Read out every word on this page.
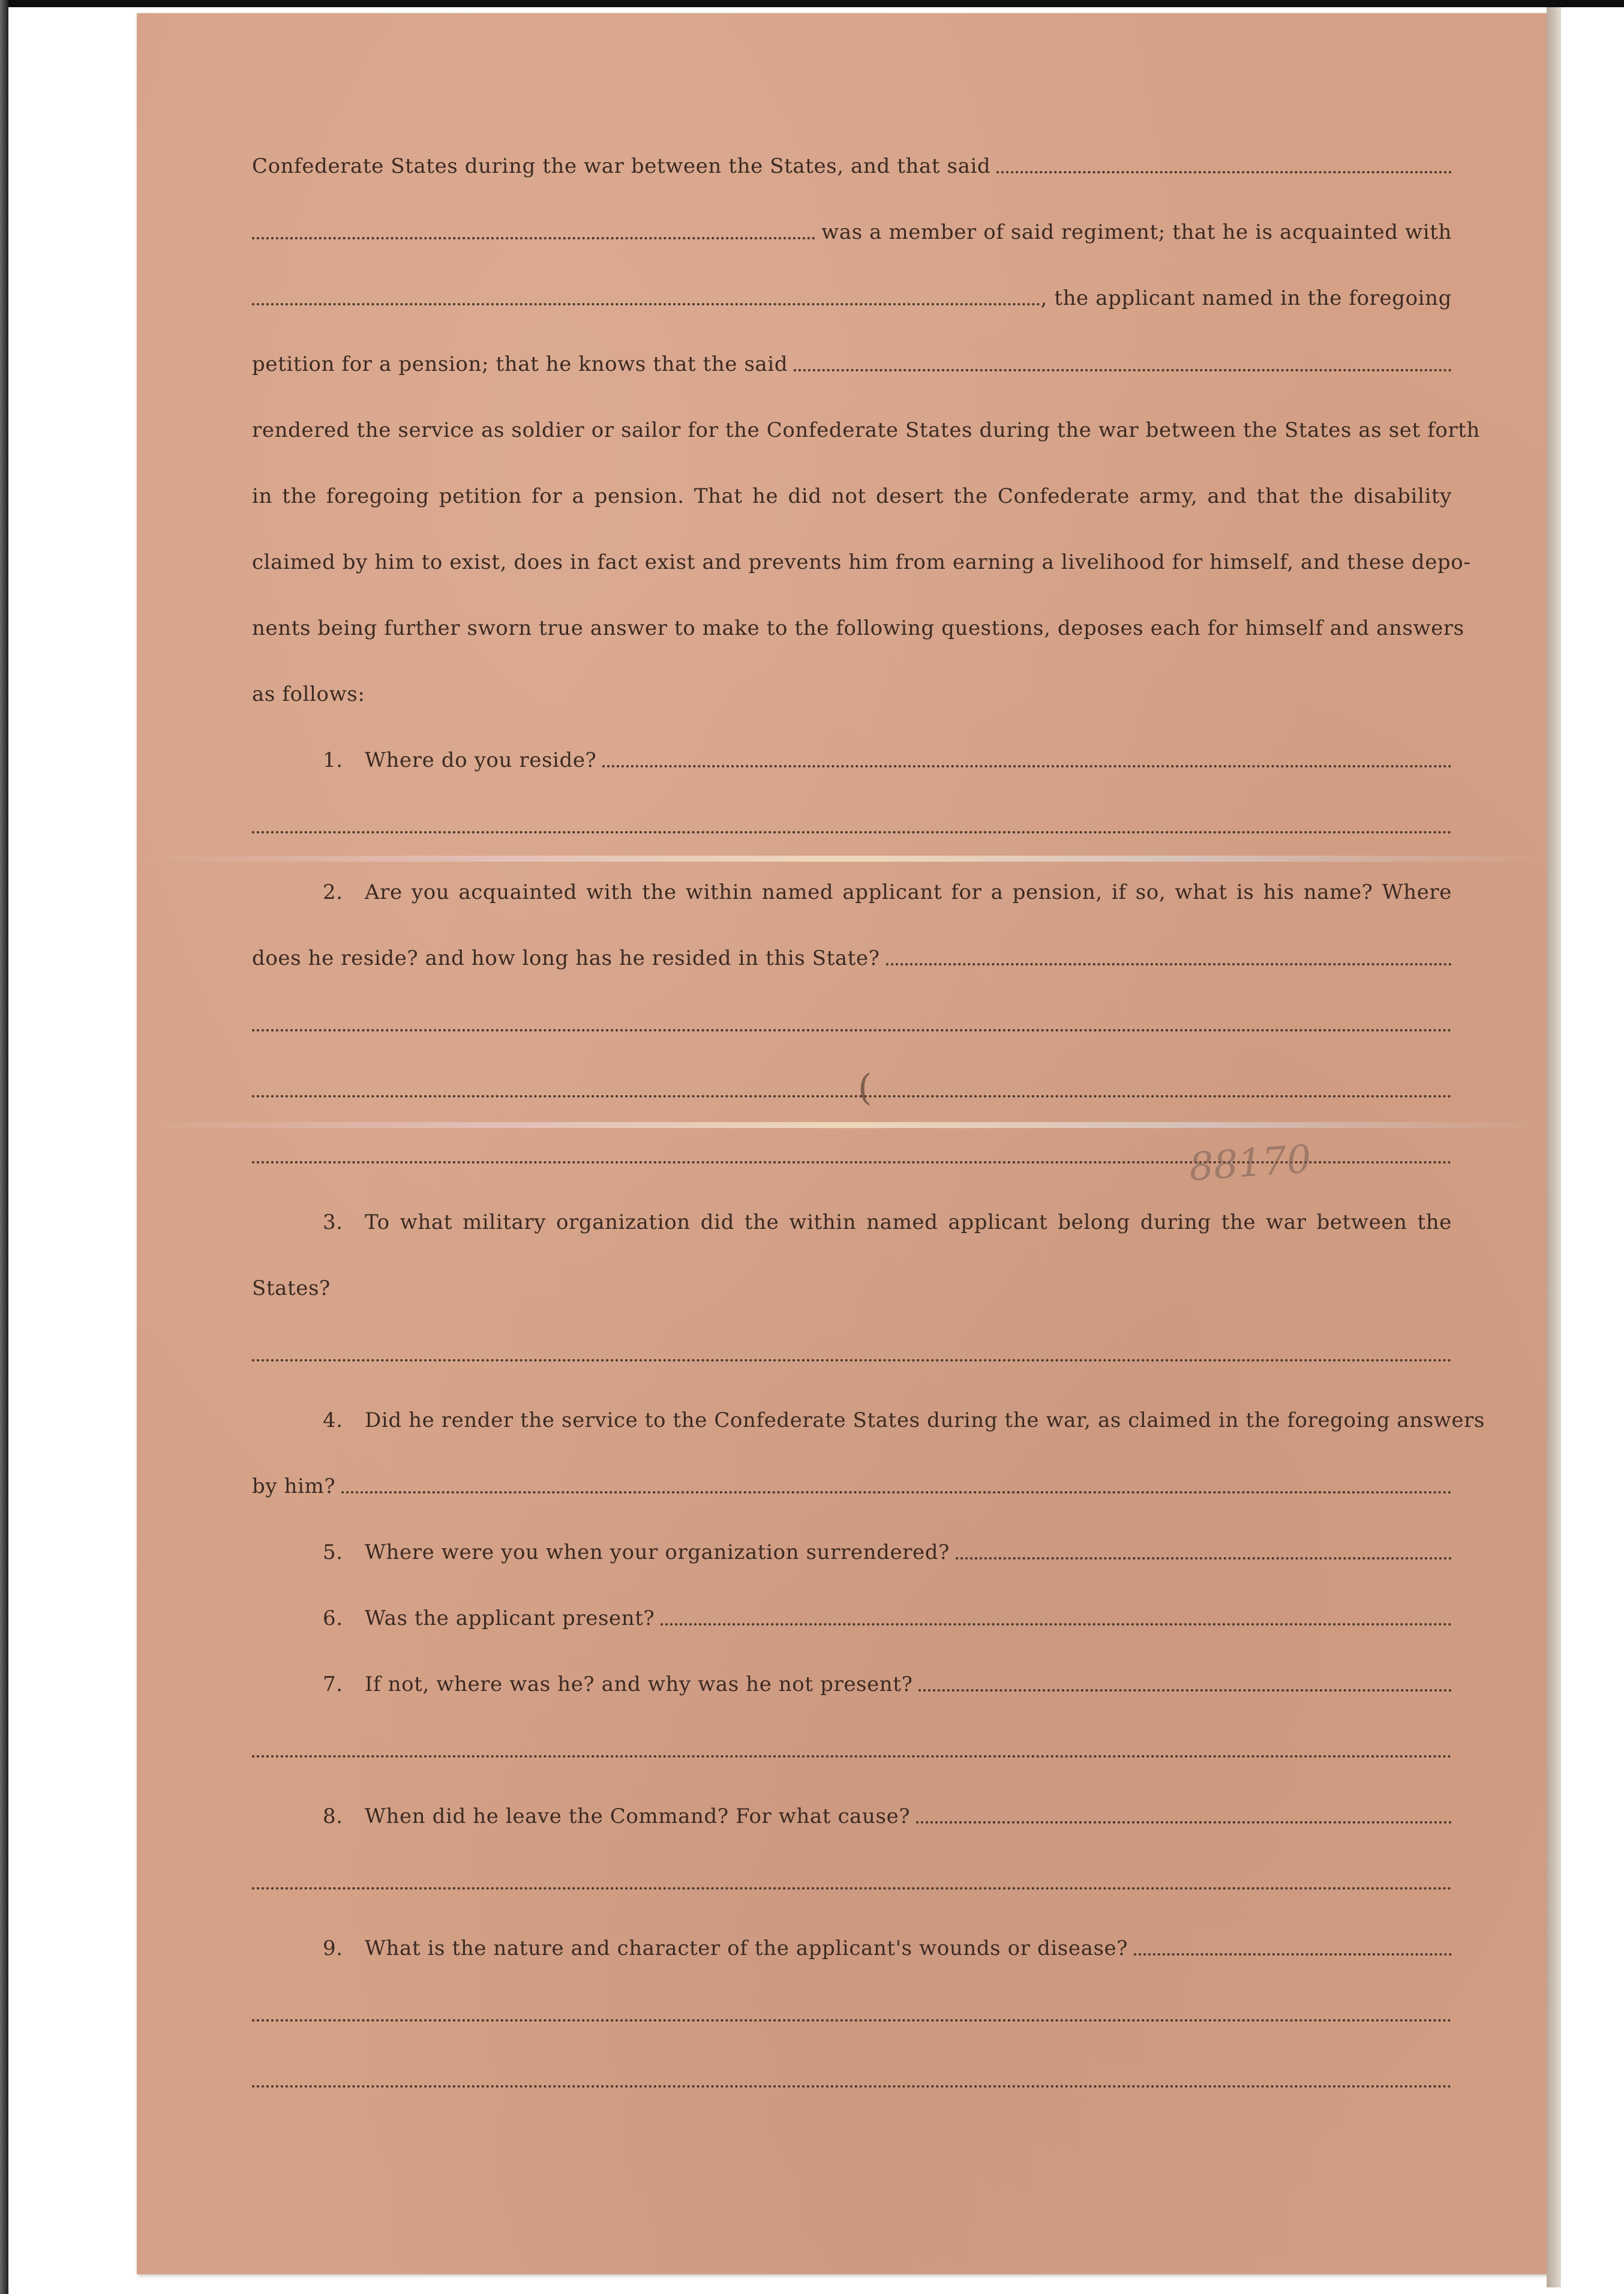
Confederate States during the war between the States, and that said
was a member of said regiment; that he is acquainted with
, the applicant named in the foregoing
petition for a pension; that he knows that the said
rendered the service as soldier or sailor for the Confederate States during the war between the States as set forth
in the foregoing petition for a pension. That he did not desert the Confederate army, and that the disability
claimed by him to exist, does in fact exist and prevents him from earning a livelihood for himself, and these depo-
nents being further sworn true answer to make to the following questions, deposes each for himself and answers
as follows:
1.	Where do you reside?
2.	Are you acquainted with the within named applicant for a pension, if so, what is his name? Where
does he reside? and how long has he resided in this State?
3.	To what military organization did the within named applicant belong during the war between the
States?
4.	Did he render the service to the Confederate States during the war, as claimed in the foregoing answers
by him?
5.	Where were you when your organization surrendered?
6.	Was the applicant present?
7.	If not, where was he? and why was he not present?
8.	When did he leave the Command? For what cause?
9.	What is the nature and character of the applicant's wounds or disease?
(
88170
